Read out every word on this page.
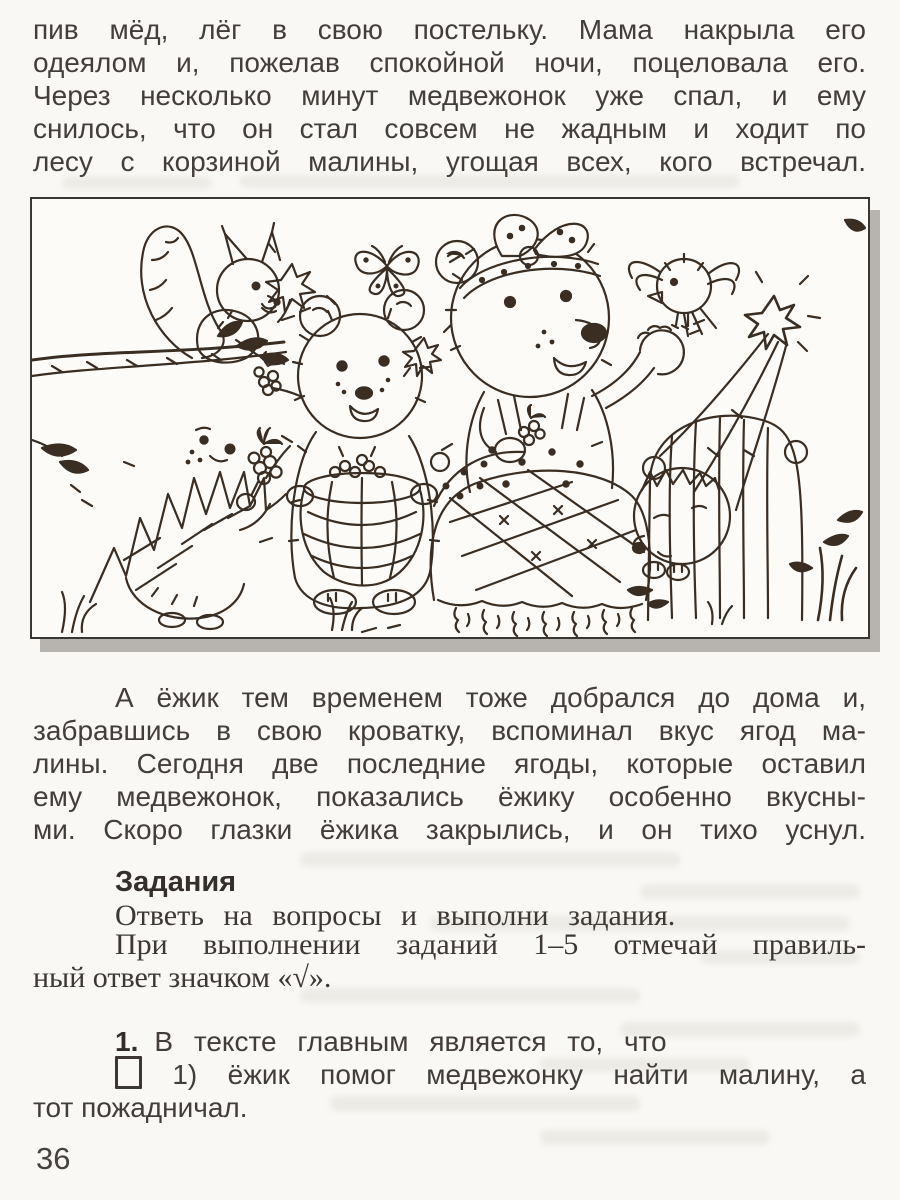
пив мёд, лёг в свою постельку. Мама накрыла его
одеялом и, пожелав спокойной ночи, поцеловала его.
Через несколько минут медвежонок уже спал, и ему
снилось, что он стал совсем не жадным и ходит по
лесу с корзиной малины, угощая всех, кого встречал.
А ёжик тем временем тоже добрался до дома и,
забравшись в свою кроватку, вспоминал вкус ягод ма-
лины. Сегодня две последние ягоды, которые оставил
ему медвежонок, показались ёжику особенно вкусны-
ми. Скоро глазки ёжика закрылись, и он тихо уснул.
Задания
Ответь на вопросы и выполни задания.
При выполнении заданий 1–5 отмечай правиль-
ный ответ значком «√».
1. В тексте главным является то, что
1) ёжик помог медвежонку найти малину, а
тот пожадничал.
36
